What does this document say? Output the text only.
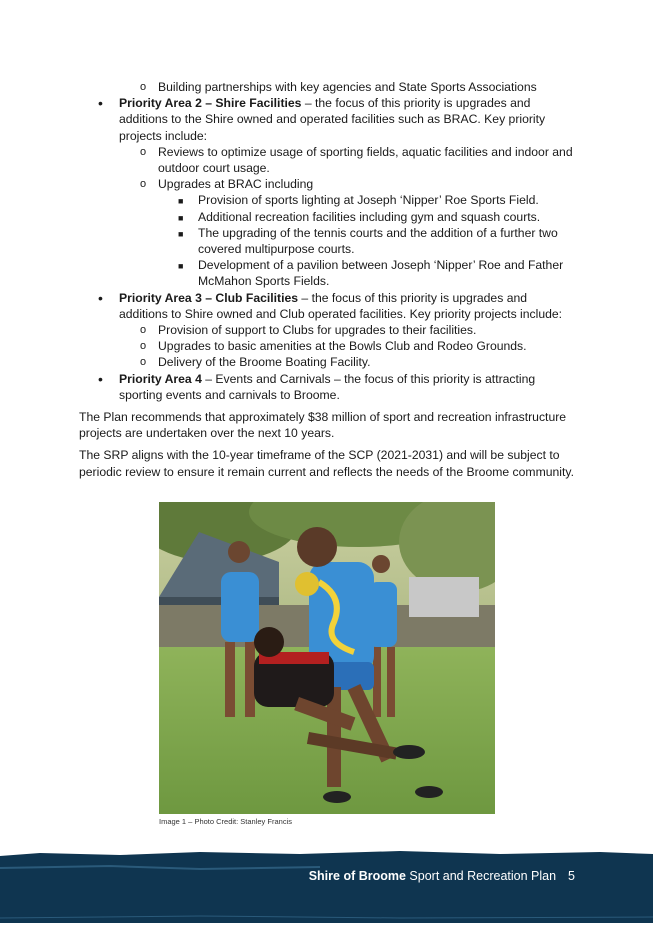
o Building partnerships with key agencies and State Sports Associations
• Priority Area 2 – Shire Facilities – the focus of this priority is upgrades and additions to the Shire owned and operated facilities such as BRAC. Key priority projects include:
o Reviews to optimize usage of sporting fields, aquatic facilities and indoor and outdoor court usage.
o Upgrades at BRAC including
■ Provision of sports lighting at Joseph ‘Nipper’ Roe Sports Field.
■ Additional recreation facilities including gym and squash courts.
■ The upgrading of the tennis courts and the addition of a further two covered multipurpose courts.
■ Development of a pavilion between Joseph ‘Nipper’ Roe and Father McMahon Sports Fields.
• Priority Area 3 – Club Facilities – the focus of this priority is upgrades and additions to Shire owned and Club operated facilities. Key priority projects include:
o Provision of support to Clubs for upgrades to their facilities.
o Upgrades to basic amenities at the Bowls Club and Rodeo Grounds.
o Delivery of the Broome Boating Facility.
• Priority Area 4 – Events and Carnivals – the focus of this priority is attracting sporting events and carnivals to Broome.

The Plan recommends that approximately $38 million of sport and recreation infrastructure projects are undertaken over the next 10 years.

The SRP aligns with the 10-year timeframe of the SCP (2021-2031) and will be subject to periodic review to ensure it remain current and reflects the needs of the Broome community.

Image 1 – Photo Credit: Stanley Francis
Shire of Broome Sport and Recreation Plan 5
